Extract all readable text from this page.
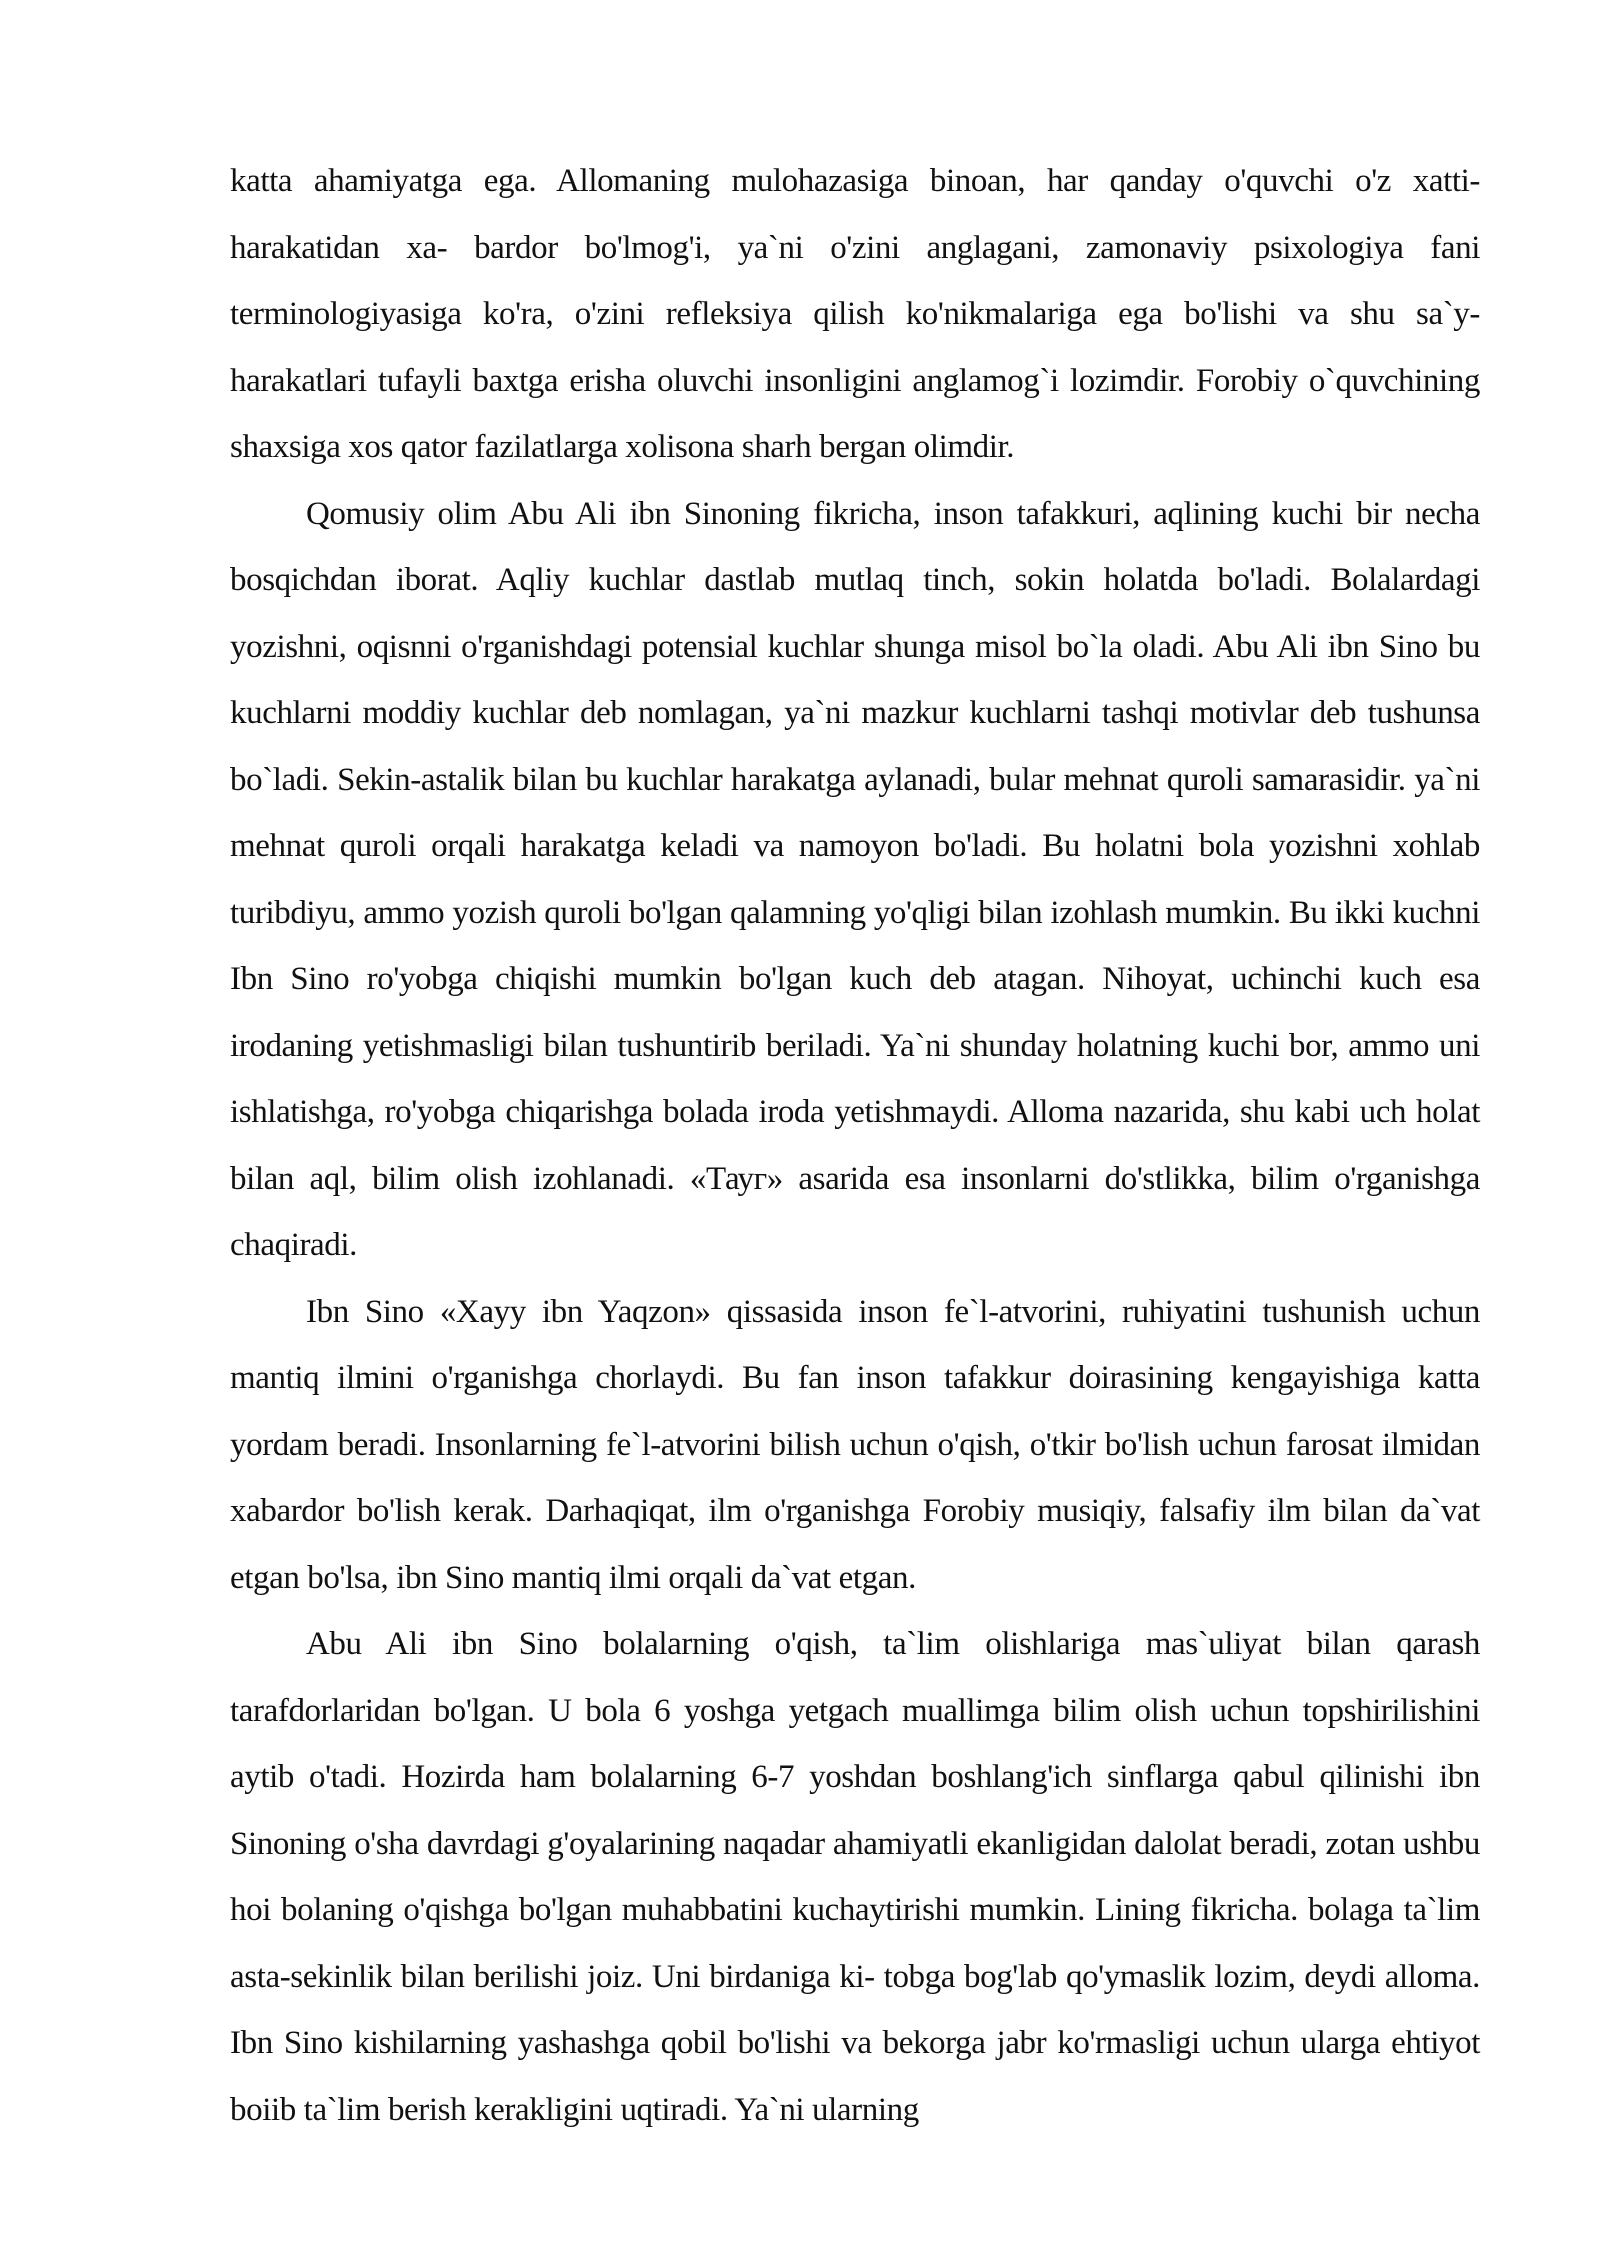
katta ahamiyatga ega. Allomaning mulohazasiga binoan, har qanday o'quvchi o'z xatti-harakatidan xa- bardor bo'lmog'i, ya`ni o'zini anglagani, zamonaviy psixologiya fani terminologiyasiga ko'ra, o'zini refleksiya qilish ko'nikmalariga ega bo'lishi va shu sa`y-harakatlari tufayli baxtga erisha oluvchi insonligini anglamog`i lozimdir. Forobiy o`quvchining shaxsiga xos qator fazilatlarga xolisona sharh bergan olimdir.

Qomusiy olim Abu Ali ibn Sinoning fikricha, inson tafakkuri, aqlining kuchi bir necha bosqichdan iborat. Aqliy kuchlar dastlab mutlaq tinch, sokin holatda bo'ladi. Bolalardagi yozishni, oqisnni o'rganishdagi potensial kuchlar shunga misol bo`la oladi. Abu Ali ibn Sino bu kuchlarni moddiy kuchlar deb nomlagan, ya`ni mazkur kuchlarni tashqi motivlar deb tushunsa bo`ladi. Sekin-astalik bilan bu kuchlar harakatga aylanadi, bular mehnat quroli samarasidir. ya`ni mehnat quroli orqali harakatga keladi va namoyon bo'ladi. Bu holatni bola yozishni xohlab turibdiyu, ammo yozish quroli bo'lgan qalamning yo'qligi bilan izohlash mumkin. Bu ikki kuchni Ibn Sino ro'yobga chiqishi mumkin bo'lgan kuch deb atagan. Nihoyat, uchinchi kuch esa irodaning yetishmasligi bilan tushuntirib beriladi. Ya`ni shunday holatning kuchi bor, ammo uni ishlatishga, ro'yobga chiqarishga bolada iroda yetishmaydi. Alloma nazarida, shu kabi uch holat bilan aql, bilim olish izohlanadi. «Тауг» asarida esa insonlarni do'stlikka, bilim o'rganishga chaqiradi.

Ibn Sino «Xayy ibn Yaqzon» qissasida inson fe`l-atvorini, ruhiyatini tushunish uchun mantiq ilmini o'rganishga chorlaydi. Bu fan inson tafakkur doirasining kengayishiga katta yordam beradi. Insonlarning fe`l-atvorini bilish uchun o'qish, o'tkir bo'lish uchun farosat ilmidan xabardor bo'lish kerak. Darhaqiqat, ilm o'rganishga Forobiy musiqiy, falsafiy ilm bilan da`vat etgan bo'lsa, ibn Sino mantiq ilmi orqali da`vat etgan.

Abu Ali ibn Sino bolalarning o'qish, ta`lim olishlariga mas`uliyat bilan qarash tarafdorlaridan bo'lgan. U bola 6 yoshga yetgach muallimga bilim olish uchun topshirilishini aytib o'tadi. Hozirda ham bolalarning 6-7 yoshdan boshlang'ich sinflarga qabul qilinishi ibn Sinoning o'sha davrdagi g'oyalarining naqadar ahamiyatli ekanligidan dalolat beradi, zotan ushbu hoi bolaning o'qishga bo'lgan muhabbatini kuchaytirishi mumkin. Lining fikricha. bolaga ta`lim asta-sekinlik bilan berilishi joiz. Uni birdaniga ki- tobga bog'lab qo'ymaslik lozim, deydi alloma. Ibn Sino kishilarning yashashga qobil bo'lishi va bekorga jabr ko'rmasligi uchun ularga ehtiyot boiib ta`lim berish kerakligini uqtiradi. Ya`ni ularning
